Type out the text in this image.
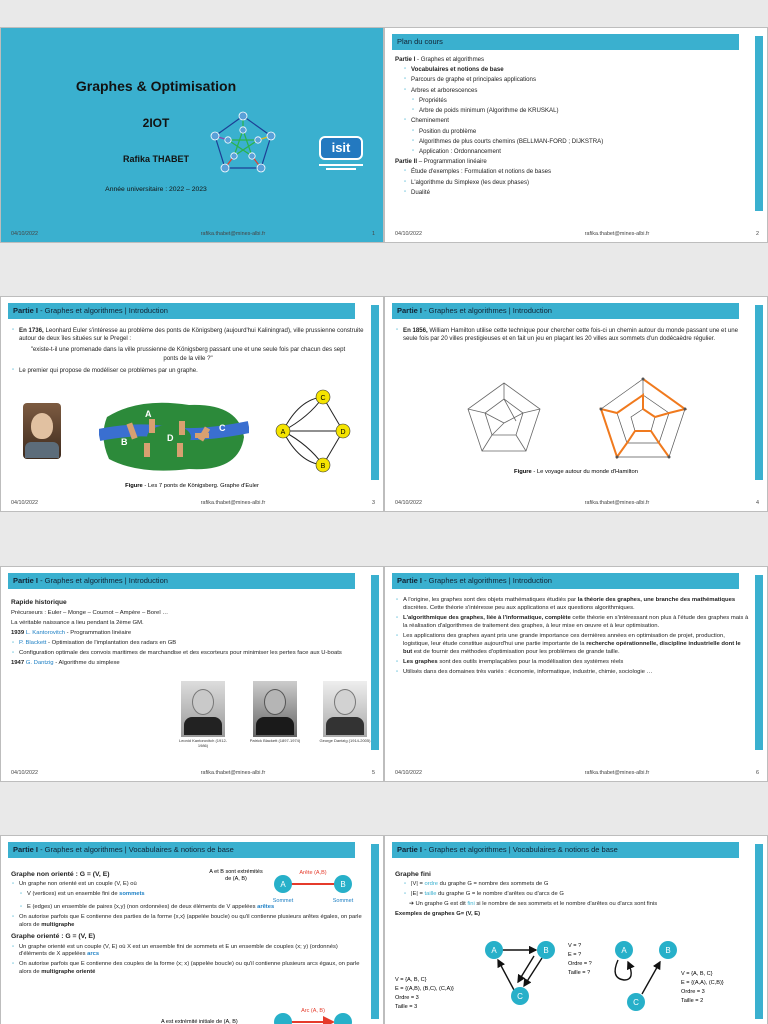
Graphes & Optimisation
2IOT
Rafika THABET
Année universitaire : 2022 – 2023
isit
04/10/2022	rafika.thabet@mines-albi.fr	1
Plan du cours

Partie I - Graphes et algorithmes

▫ Vocabulaires et notions de base

▫ Parcours de graphe et principales applications

▫ Arbres et arborescences

▫ Propriétés

▫ Arbre de poids minimum (Algorithme de KRUSKAL)

▫ Cheminement

▫ Position du problème

▫ Algorithmes de plus courts chemins (BELLMAN-FORD ; DIJKSTRA)

▫ Application : Ordonnancement

Partie II – Programmation linéaire

▫ Étude d'exemples : Formulation et notions de bases

▫ L'algorithme du Simplexe (les deux phases)

▫ Dualité

04/10/2022	rafika.thabet@mines-albi.fr	2
Partie I - Graphes et algorithmes | Introduction

▫ En 1736, Leonhard Euler s'intéresse au problème des ponts de Königsberg (aujourd'hui Kaliningrad), ville prussienne construite autour de deux îles situées sur le Pregel :

"existe-t-il une promenade dans la ville prussienne de Königsberg passant une et une seule fois par chacun des sept ponts de la ville ?"

▫ Le premier qui propose de modéliser ce problèmes par un graphe.

A
B
C
D
A
B
C
D
Figure - Les 7 ponts de Königsberg. Graphe d'Euler
04/10/2022	rafika.thabet@mines-albi.fr	3
Partie I - Graphes et algorithmes | Introduction

▫ En 1856, William Hamilton utilise cette technique pour chercher cette fois-ci un chemin autour du monde passant une et une seule fois par 20 villes prestigieuses et en fait un jeu en plaçant les 20 villes aux sommets d'un dodécaèdre régulier.

Figure - Le voyage autour du monde d'Hamilton
04/10/2022	rafika.thabet@mines-albi.fr	4
Partie I - Graphes et algorithmes | Introduction

Rapide historique

Précurseurs : Euler – Monge – Cournot – Ampère – Borel …

La véritable naissance a lieu pendant la 2ème GM.

1939 L. Kantorovitch - Programmation linéaire

▫ P. Blackett - Optimisation de l'implantation des radars en GB

▫ Configuration optimale des convois maritimes de marchandise et des escorteurs pour minimiser les pertes face aux U-boats

1947 G. Dantzig - Algorithme du simplexe

Leonid Kantorovitch (1912-1986)
Patrick Blackett (1897-1974)	George Dantzig (1914-2005)
04/10/2022	rafika.thabet@mines-albi.fr	5
Partie I - Graphes et algorithmes | Introduction

▫ A l'origine, les graphes sont des objets mathématiques étudiés par la théorie des graphes, une branche des mathématiques discrètes. Cette théorie s'intéresse peu aux applications et aux questions algorithmiques.

▫ L'algorithmique des graphes, liée à l'informatique, complète cette théorie en s'intéressant non plus à l'étude des graphes mais à la réalisation d'algorithmes de traitement des graphes, à leur mise en œuvre et à leur optimisation.

▫ Les applications des graphes ayant pris une grande importance ces dernières années en optimisation de projet, production, logistique, leur étude constitue aujourd'hui une partie importante de la recherche opérationnelle, discipline industrielle dont le but est de fournir des méthodes d'optimisation pour les problèmes de grande taille.

▫ Les graphes sont des outils irremplaçables pour la modélisation des systèmes réels

▫ Utilisés dans des domaines très variés : économie, informatique, industrie, chimie, sociologie …

04/10/2022	rafika.thabet@mines-albi.fr	6
Partie I - Graphes et algorithmes | Vocabulaires & notions de base

Graphe non orienté : G = (V, E)

▫ Un graphe non orienté est un couple (V, E) où

▫ V (vertices) est un ensemble fini de sommets

▫ E (edges) un ensemble de paires {x,y} (non ordonnées) de deux éléments de V appelées arêtes

▫ On autorise parfois que E contienne des parties de la forme {x,x} (appelée boucle) ou qu'il contienne plusieurs arêtes égales, on parle alors de multigraphe

Graphe orienté : G = (V, E)

▫ Un graphe orienté est un couple (V, E) où X est un ensemble fini de sommets et E un ensemble de couples (x; y) (ordonnés) d'éléments de X appelées arcs

▫ On autorise parfois que E contienne des couples de la forme (x; x) (appelée boucle) ou qu'il contienne plusieurs arcs égaux, on parle alors de multigraphe orienté

A et B sont extrémités de (A, B)
A	B
Arête (A,B)
Sommet	Sommet
A est extrémité initiale de (A, B)
Arc (A, B)
Partie I - Graphes et algorithmes | Vocabulaires & notions de base

Graphe fini

▫ |V| = ordre du graphe G = nombre des sommets de G

▫ |E| = taille du graphe G = le nombre d'arêtes ou d'arcs de G

➔ Un graphe G est dit fini si le nombre de ses sommets et le nombre d'arêtes ou d'arcs sont finis

Exemples de graphes G= (V, E)

V = {A, B, C}
E = {(A,B), (B,C), (C,A)}
Ordre = 3
Taille = 3
A	B
C
V = ?
E = ?
Ordre = ?
Taille = ?
A	B
C
V = {A, B, C}
E = {(A,A), (C,B)}
Ordre = 3
Taille = 2
